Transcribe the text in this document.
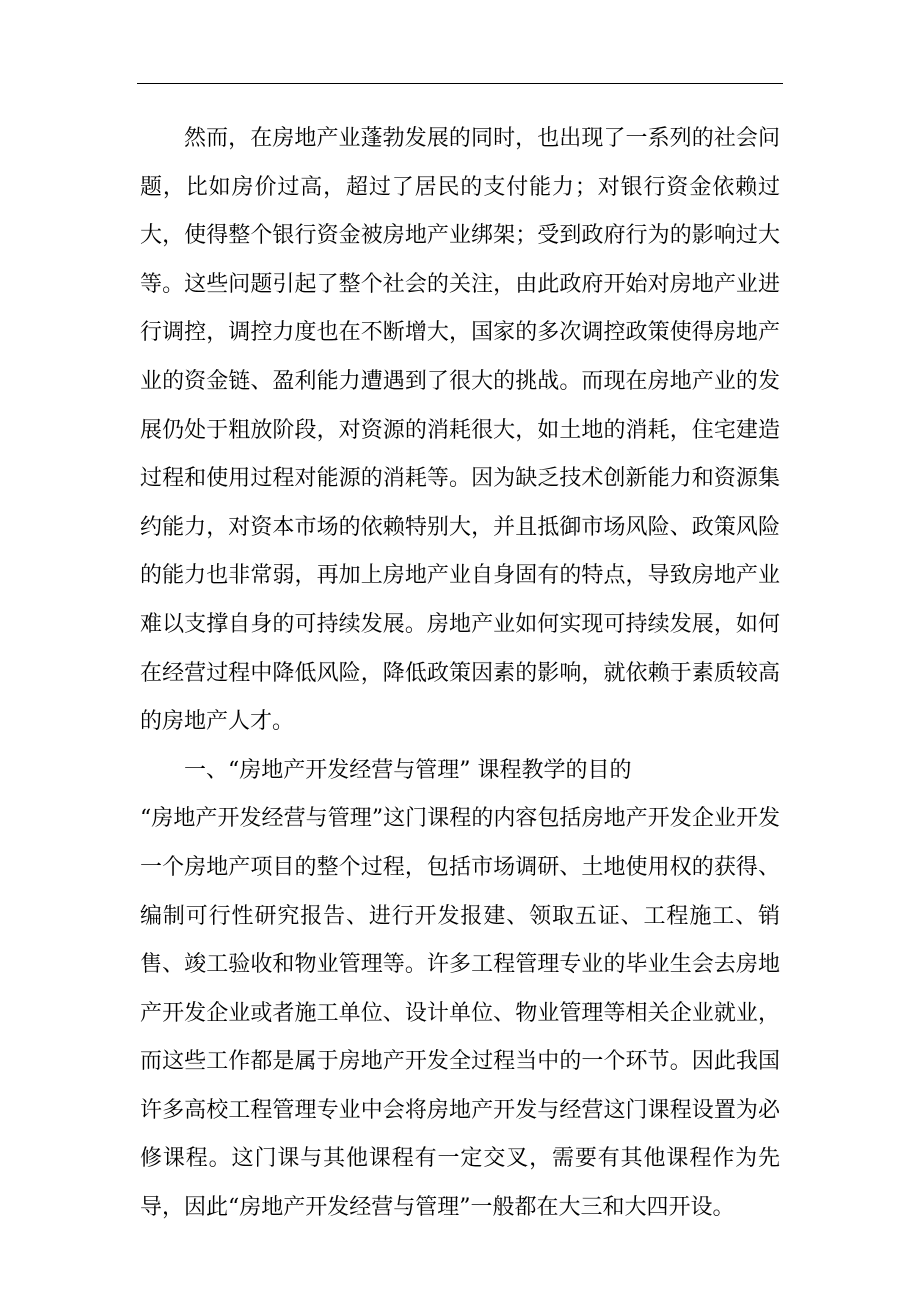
然而，在房地产业蓬勃发展的同时，也出现了一系列的社会问题，比如房价过高，超过了居民的支付能力；对银行资金依赖过大，使得整个银行资金被房地产业绑架；受到政府行为的影响过大等。这些问题引起了整个社会的关注，由此政府开始对房地产业进行调控，调控力度也在不断增大，国家的多次调控政策使得房地产业的资金链、盈利能力遭遇到了很大的挑战。而现在房地产业的发展仍处于粗放阶段，对资源的消耗很大，如土地的消耗，住宅建造过程和使用过程对能源的消耗等。因为缺乏技术创新能力和资源集约能力，对资本市场的依赖特别大，并且抵御市场风险、政策风险的能力也非常弱，再加上房地产业自身固有的特点，导致房地产业难以支撑自身的可持续发展。房地产业如何实现可持续发展，如何在经营过程中降低风险，降低政策因素的影响，就依赖于素质较高的房地产人才。

一、“房地产开发经营与管理” 课程教学的目的

“房地产开发经营与管理”这门课程的内容包括房地产开发企业开发一个房地产项目的整个过程，包括市场调研、土地使用权的获得、编制可行性研究报告、进行开发报建、领取五证、工程施工、销售、竣工验收和物业管理等。许多工程管理专业的毕业生会去房地产开发企业或者施工单位、设计单位、物业管理等相关企业就业，而这些工作都是属于房地产开发全过程当中的一个环节。因此我国许多高校工程管理专业中会将房地产开发与经营这门课程设置为必修课程。这门课与其他课程有一定交叉，需要有其他课程作为先导，因此“房地产开发经营与管理”一般都在大三和大四开设。
